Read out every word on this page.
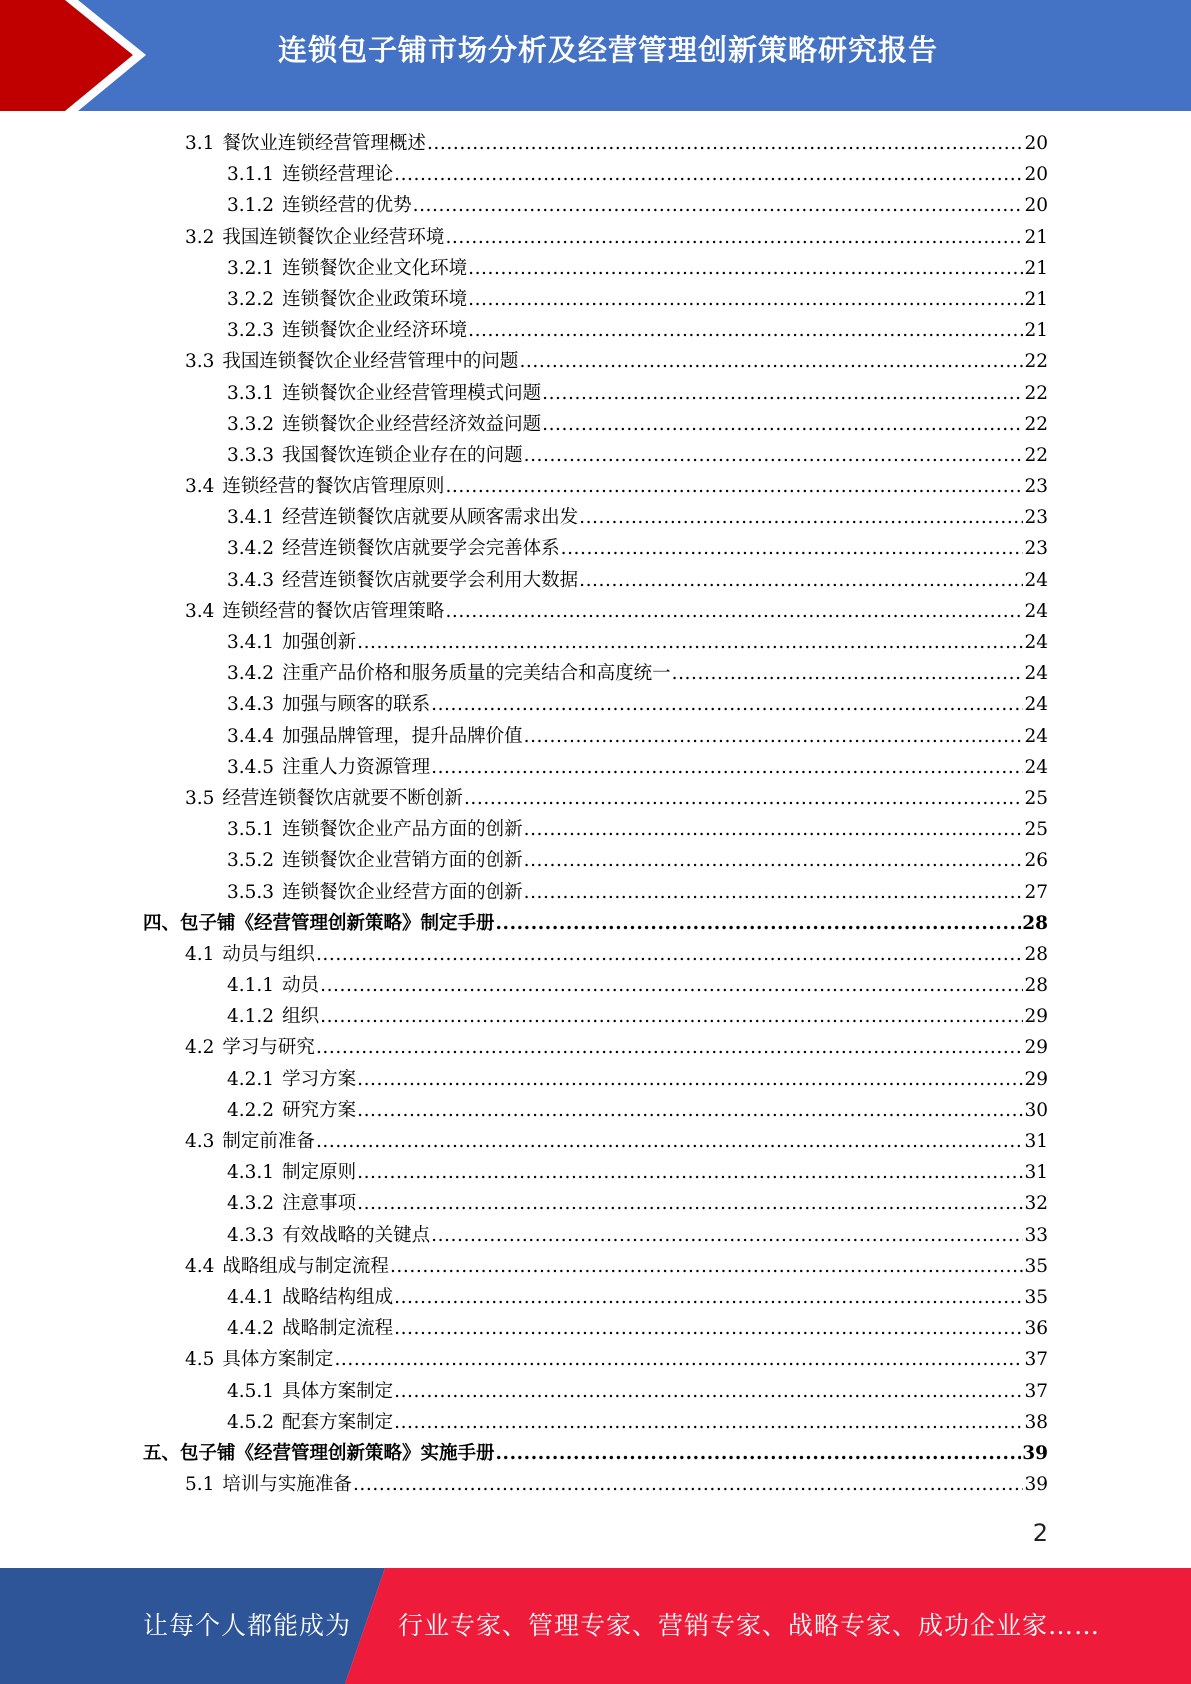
连锁包子铺市场分析及经营管理创新策略研究报告
3.1 餐饮业连锁经营管理概述 .....	20
3.1.1 连锁经营理论 .....	20
3.1.2 连锁经营的优势 .....	20
3.2 我国连锁餐饮企业经营环境 .....	21
3.2.1 连锁餐饮企业文化环境 .....	21
3.2.2 连锁餐饮企业政策环境 .....	21
3.2.3 连锁餐饮企业经济环境 .....	21
3.3 我国连锁餐饮企业经营管理中的问题 .....	22
3.3.1 连锁餐饮企业经营管理模式问题 .....	22
3.3.2 连锁餐饮企业经营经济效益问题 .....	22
3.3.3 我国餐饮连锁企业存在的问题 .....	22
3.4 连锁经营的餐饮店管理原则 .....	23
3.4.1 经营连锁餐饮店就要从顾客需求出发 .....	23
3.4.2 经营连锁餐饮店就要学会完善体系 .....	23
3.4.3 经营连锁餐饮店就要学会利用大数据 .....	24
3.4 连锁经营的餐饮店管理策略 .....	24
3.4.1 加强创新 .....	24
3.4.2 注重产品价格和服务质量的完美结合和高度统一 .....	24
3.4.3 加强与顾客的联系 .....	24
3.4.4 加强品牌管理，提升品牌价值 .....	24
3.4.5 注重人力资源管理 .....	24
3.5 经营连锁餐饮店就要不断创新 .....	25
3.5.1 连锁餐饮企业产品方面的创新 .....	25
3.5.2 连锁餐饮企业营销方面的创新 .....	26
3.5.3 连锁餐饮企业经营方面的创新 .....	27
四、包子铺《经营管理创新策略》制定手册 .....	28
4.1 动员与组织 .....	28
4.1.1 动员 .....	28
4.1.2 组织 .....	29
4.2 学习与研究 .....	29
4.2.1 学习方案 .....	29
4.2.2 研究方案 .....	30
4.3 制定前准备 .....	31
4.3.1 制定原则 .....	31
4.3.2 注意事项 .....	32
4.3.3 有效战略的关键点 .....	33
4.4 战略组成与制定流程 .....	35
4.4.1 战略结构组成 .....	35
4.4.2 战略制定流程 .....	36
4.5 具体方案制定 .....	37
4.5.1 具体方案制定 .....	37
4.5.2 配套方案制定 .....	38
五、包子铺《经营管理创新策略》实施手册 .....	39
5.1 培训与实施准备 .....	39
2
让每个人都能成为 行业专家、管理专家、营销专家、战略专家、成功企业家……
